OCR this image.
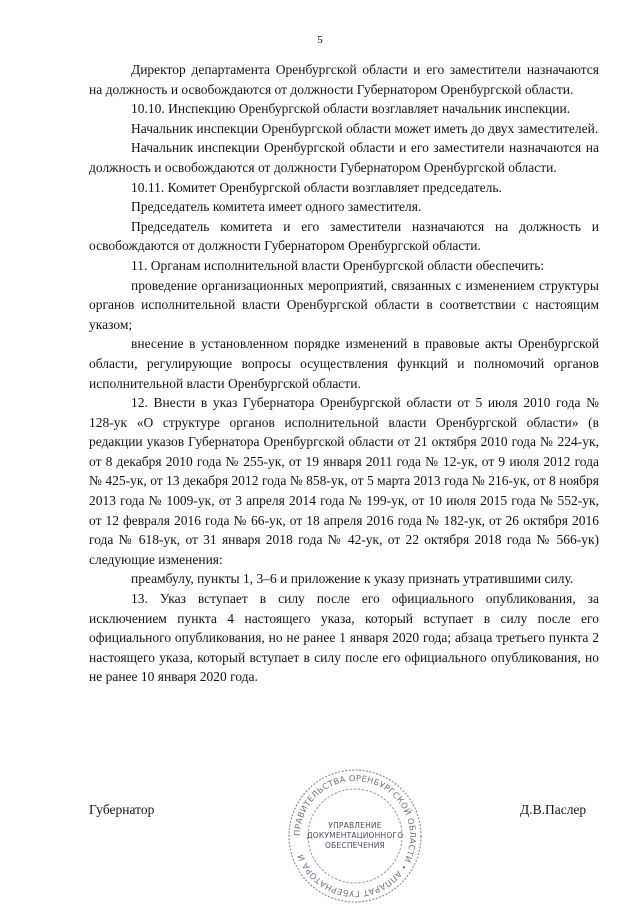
5

Директор департамента Оренбургской области и его заместители назначаются на должность и освобождаются от должности Губернатором Оренбургской области.

10.10. Инспекцию Оренбургской области возглавляет начальник инспекции.

Начальник инспекции Оренбургской области может иметь до двух заместителей.

Начальник инспекции Оренбургской области и его заместители назначаются на должность и освобождаются от должности Губернатором Оренбургской области.

10.11. Комитет Оренбургской области возглавляет председатель.

Председатель комитета имеет одного заместителя.

Председатель комитета и его заместители назначаются на должность и освобождаются от должности Губернатором Оренбургской области.

11. Органам исполнительной власти Оренбургской области обеспечить:

проведение организационных мероприятий, связанных с изменением структуры органов исполнительной власти Оренбургской области в соответствии с настоящим указом;

внесение в установленном порядке изменений в правовые акты Оренбургской области, регулирующие вопросы осуществления функций и полномочий органов исполнительной власти Оренбургской области.

12. Внести в указ Губернатора Оренбургской области от 5 июля 2010 года № 128-ук «О структуре органов исполнительной власти Оренбургской области» (в редакции указов Губернатора Оренбургской области от 21 октября 2010 года № 224-ук, от 8 декабря 2010 года № 255-ук, от 19 января 2011 года № 12-ук, от 9 июля 2012 года № 425-ук, от 13 декабря 2012 года № 858-ук, от 5 марта 2013 года № 216-ук, от 8 ноября 2013 года № 1009-ук, от 3 апреля 2014 года № 199-ук, от 10 июля 2015 года № 552-ук, от 12 февраля 2016 года № 66-ук, от 18 апреля 2016 года № 182-ук, от 26 октября 2016 года № 618-ук, от 31 января 2018 года № 42-ук, от 22 октября 2018 года № 566-ук) следующие изменения:

преамбулу, пункты 1, 3–6 и приложение к указу признать утратившими силу.

13. Указ вступает в силу после его официального опубликования, за исключением пункта 4 настоящего указа, который вступает в силу после его официального опубликования, но не ранее 1 января 2020 года; абзаца третьего пункта 2 настоящего указа, который вступает в силу после его официального опубликования, но не ранее 10 января 2020 года.

Губернатор	Д.В.Паслер
ПРАВИТЕЛЬСТВА ОРЕНБУРГСКОЙ ОБЛАСТИ • АППАРАТ ГУБЕРНАТОРА И
УПРАВЛЕНИЕ
ДОКУМЕНТАЦИОННОГО
ОБЕСПЕЧЕНИЯ
